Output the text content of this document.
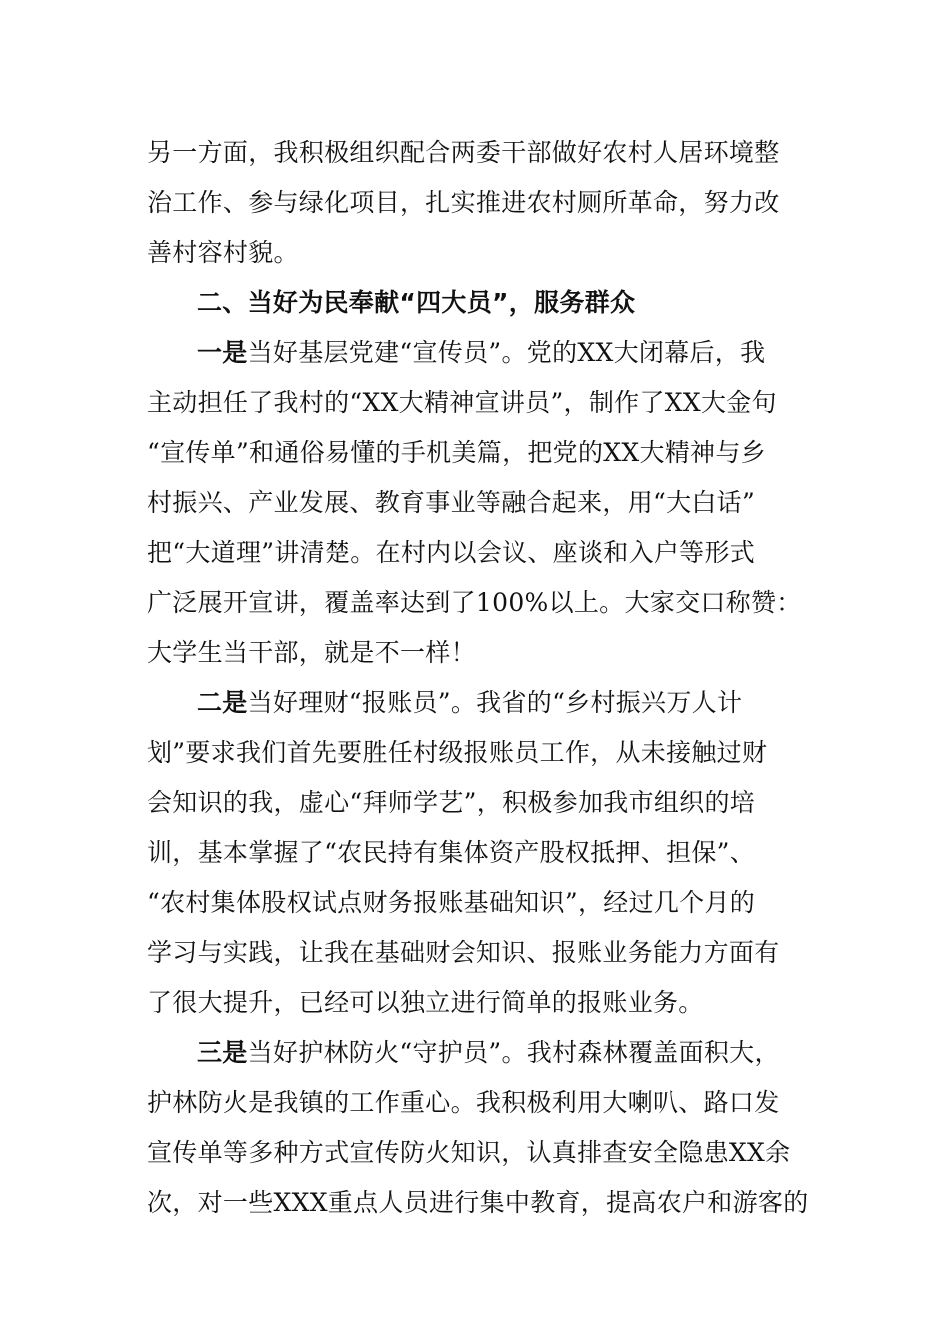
另一方面，我积极组织配合两委干部做好农村人居环境整
治工作、参与绿化项目，扎实推进农村厕所革命，努力改
善村容村貌。
二、当好为民奉献“四大员”，服务群众
一是当好基层党建“宣传员”。党的XX大闭幕后，我
主动担任了我村的“XX大精神宣讲员”，制作了XX大金句
“宣传单”和通俗易懂的手机美篇，把党的XX大精神与乡
村振兴、产业发展、教育事业等融合起来，用“大白话”
把“大道理”讲清楚。在村内以会议、座谈和入户等形式
广泛展开宣讲，覆盖率达到了100%以上。大家交口称赞：
大学生当干部，就是不一样！
二是当好理财“报账员”。我省的“乡村振兴万人计
划”要求我们首先要胜任村级报账员工作，从未接触过财
会知识的我，虚心“拜师学艺”，积极参加我市组织的培
训，基本掌握了“农民持有集体资产股权抵押、担保”、
“农村集体股权试点财务报账基础知识”，经过几个月的
学习与实践，让我在基础财会知识、报账业务能力方面有
了很大提升，已经可以独立进行简单的报账业务。
三是当好护林防火“守护员”。我村森林覆盖面积大，
护林防火是我镇的工作重心。我积极利用大喇叭、路口发
宣传单等多种方式宣传防火知识，认真排查安全隐患XX余
次，对一些XXX重点人员进行集中教育，提高农户和游客的
